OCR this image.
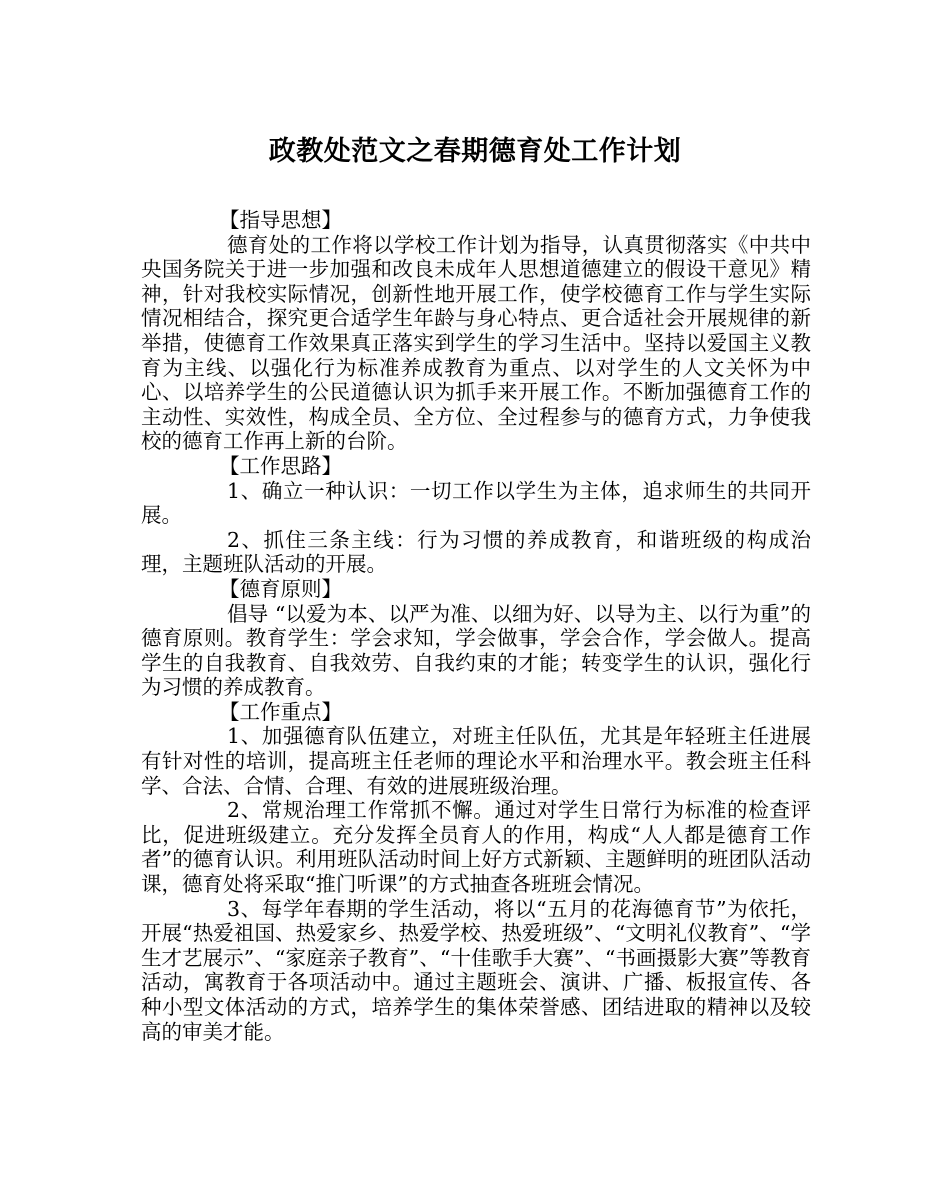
政教处范文之春期德育处工作计划

【指导思想】

德育处的工作将以学校工作计划为指导，认真贯彻落实《中共中央国务院关于进一步加强和改良未成年人思想道德建立的假设干意见》精神，针对我校实际情况，创新性地开展工作，使学校德育工作与学生实际情况相结合，探究更合适学生年龄与身心特点、更合适社会开展规律的新举措，使德育工作效果真正落实到学生的学习生活中。坚持以爱国主义教育为主线、以强化行为标准养成教育为重点、以对学生的人文关怀为中心、以培养学生的公民道德认识为抓手来开展工作。不断加强德育工作的主动性、实效性，构成全员、全方位、全过程参与的德育方式，力争使我校的德育工作再上新的台阶。

【工作思路】

1、确立一种认识：一切工作以学生为主体，追求师生的共同开展。

2、抓住三条主线：行为习惯的养成教育，和谐班级的构成治理，主题班队活动的开展。

【德育原则】

倡导 “以爱为本、以严为准、以细为好、以导为主、以行为重”的德育原则。教育学生：学会求知，学会做事，学会合作，学会做人。提高学生的自我教育、自我效劳、自我约束的才能；转变学生的认识，强化行为习惯的养成教育。

【工作重点】

1、加强德育队伍建立，对班主任队伍，尤其是年轻班主任进展有针对性的培训，提高班主任老师的理论水平和治理水平。教会班主任科学、合法、合情、合理、有效的进展班级治理。

2、常规治理工作常抓不懈。通过对学生日常行为标准的检查评比，促进班级建立。充分发挥全员育人的作用，构成“人人都是德育工作者”的德育认识。利用班队活动时间上好方式新颖、主题鲜明的班团队活动课，德育处将采取“推门听课”的方式抽查各班班会情况。

3、每学年春期的学生活动，将以“五月的花海德育节”为依托，开展“热爱祖国、热爱家乡、热爱学校、热爱班级”、“文明礼仪教育”、“学生才艺展示”、“家庭亲子教育”、“十佳歌手大赛”、“书画摄影大赛”等教育活动，寓教育于各项活动中。通过主题班会、演讲、广播、板报宣传、各种小型文体活动的方式，培养学生的集体荣誉感、团结进取的精神以及较高的审美才能。
